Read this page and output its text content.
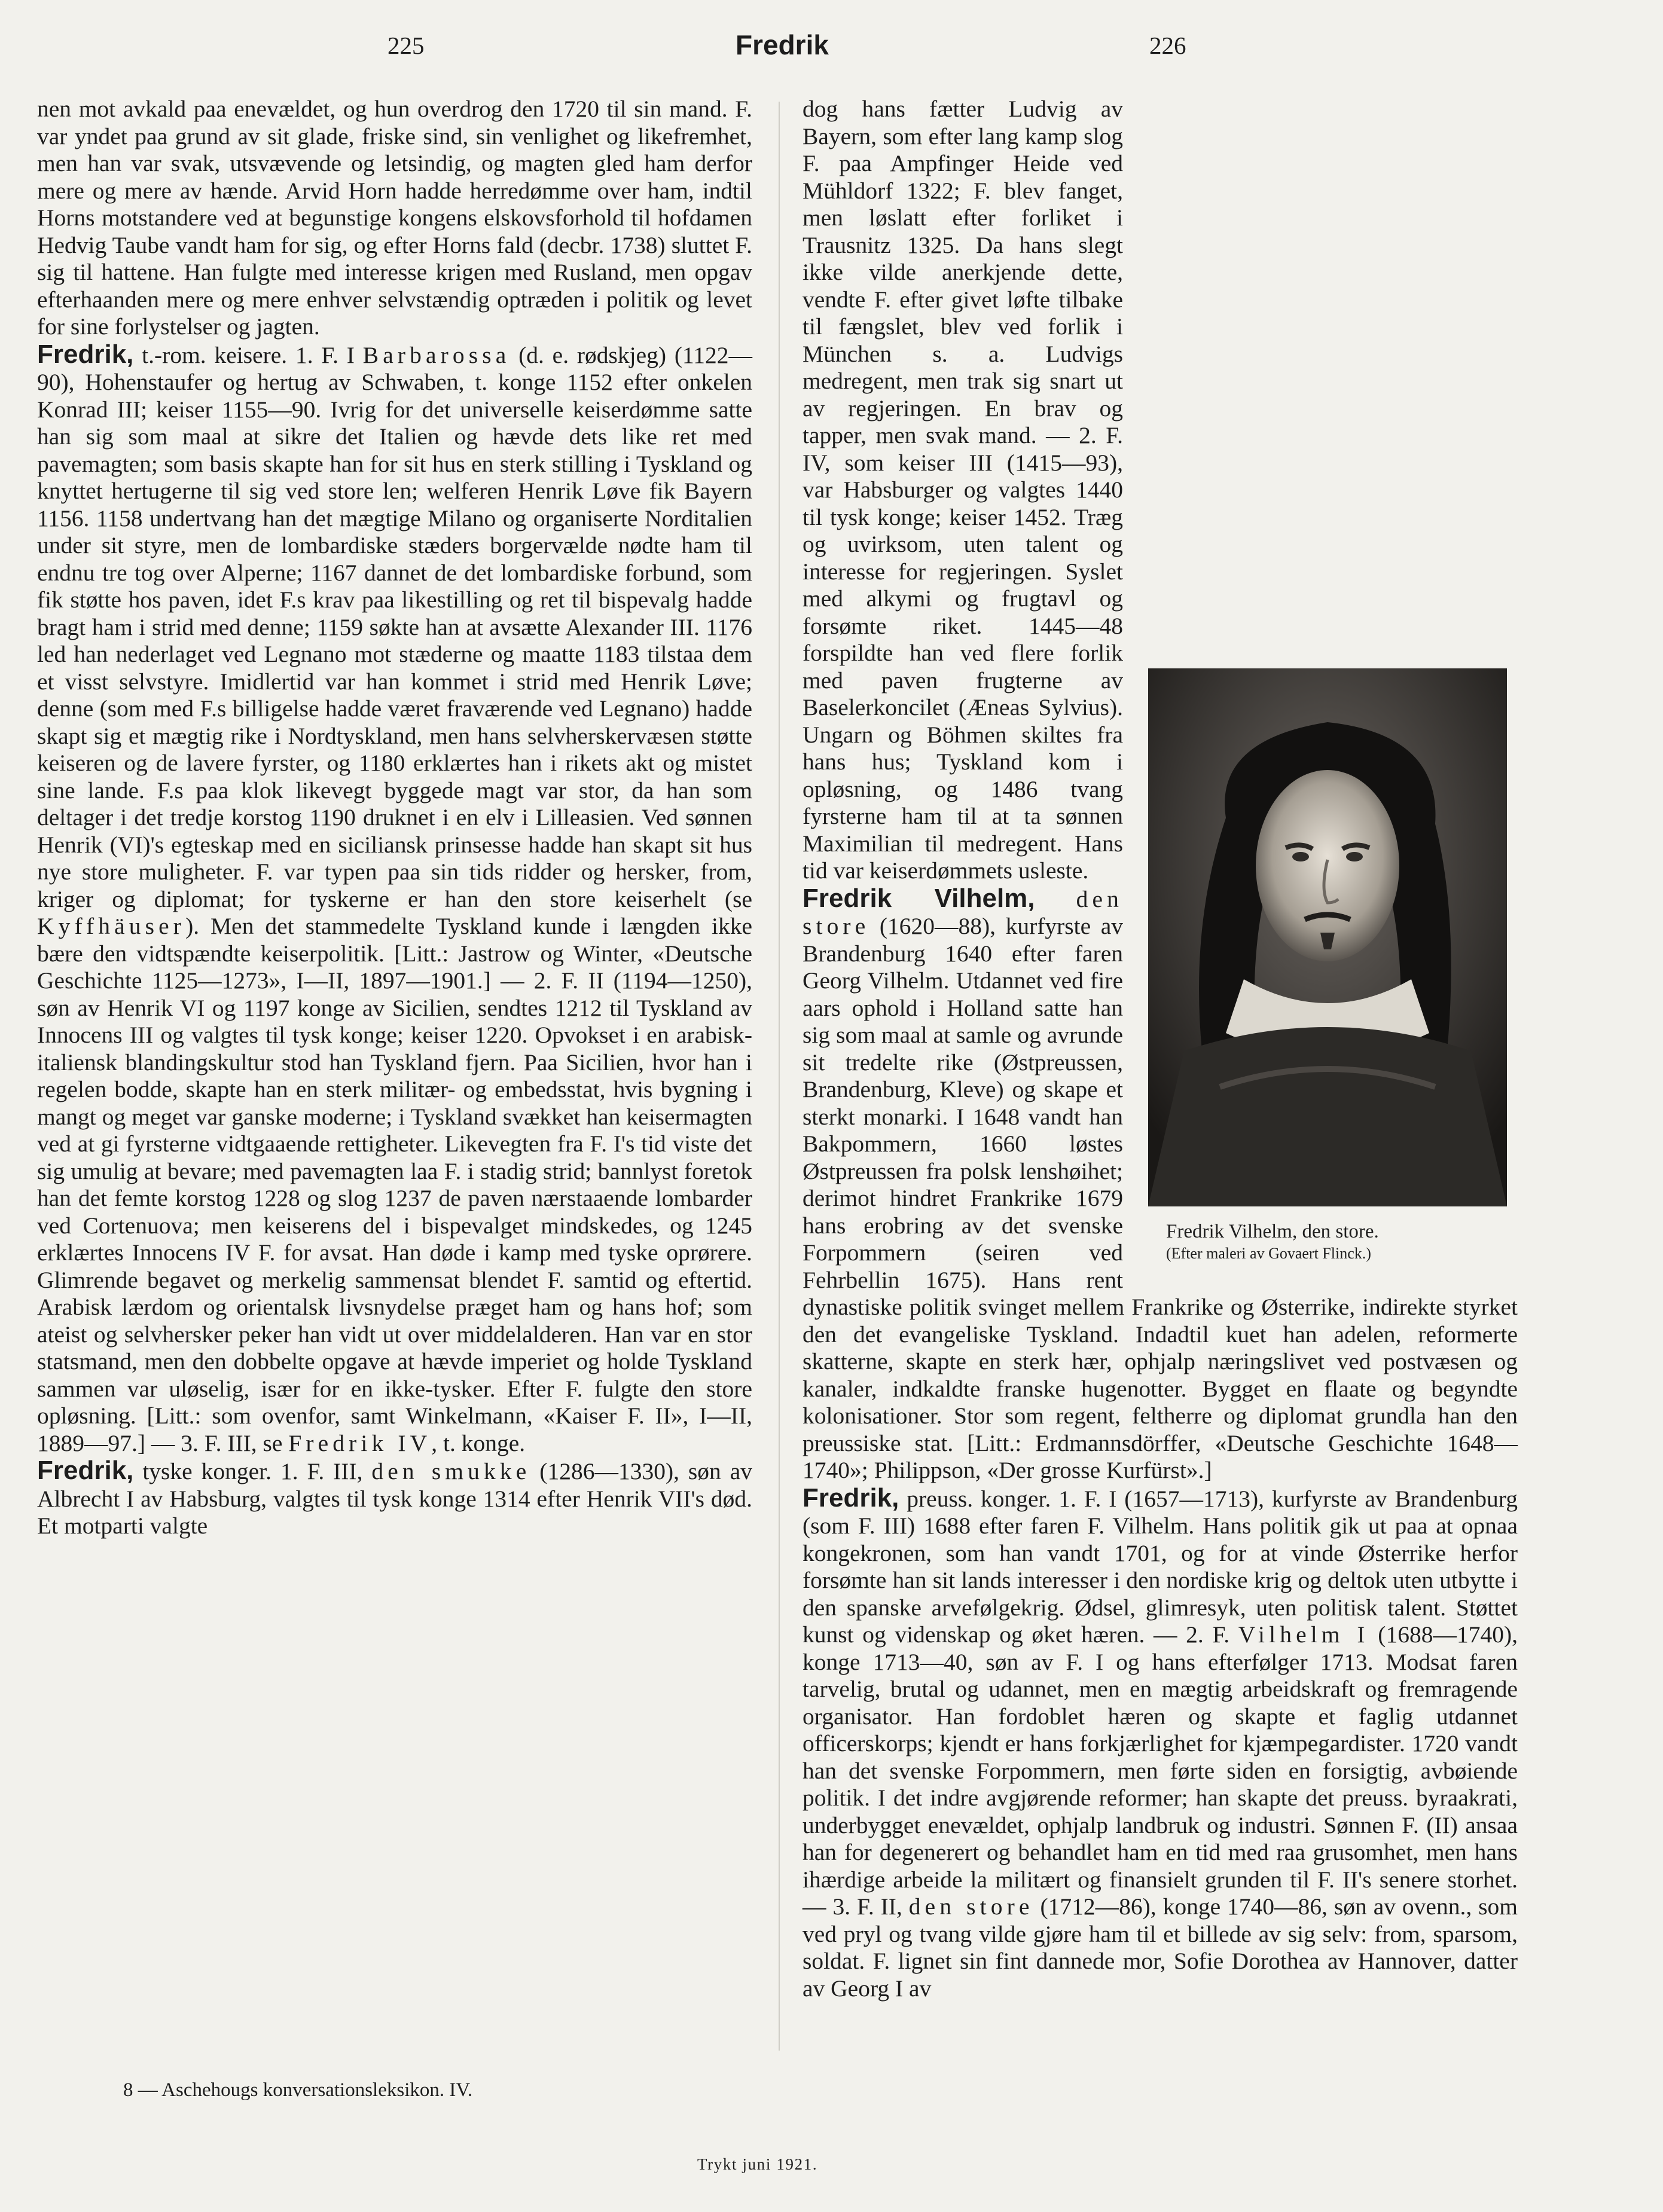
225	Fredrik	226

nen mot avkald paa enevældet, og hun overdrog den 1720 til sin mand. F. var yndet paa grund av sit glade, friske sind, sin venlighet og likefremhet, men han var svak, utsvævende og letsindig, og magten gled ham derfor mere og mere av hænde. Arvid Horn hadde herredømme over ham, indtil Horns motstandere ved at begunstige kongens elskovsforhold til hofdamen Hedvig Taube vandt ham for sig, og efter Horns fald (decbr. 1738) sluttet F. sig til hattene. Han fulgte med interesse krigen med Rusland, men opgav efterhaanden mere og mere enhver selvstændig optræden i politik og levet for sine forlystelser og jagten.

Fredrik, t.-rom. keisere. 1. F. I Barbarossa (d. e. rødskjeg) (1122—90), Hohenstaufer og hertug av Schwaben, t. konge 1152 efter onkelen Konrad III; keiser 1155—90. Ivrig for det universelle keiserdømme satte han sig som maal at sikre det Italien og hævde dets like ret med pavemagten; som basis skapte han for sit hus en sterk stilling i Tyskland og knyttet hertugerne til sig ved store len; welferen Henrik Løve fik Bayern 1156. 1158 undertvang han det mægtige Milano og organiserte Norditalien under sit styre, men de lombardiske stæders borgervælde nødte ham til endnu tre tog over Alperne; 1167 dannet de det lombardiske forbund, som fik støtte hos paven, idet F.s krav paa likestilling og ret til bispevalg hadde bragt ham i strid med denne; 1159 søkte han at avsætte Alexander III. 1176 led han nederlaget ved Legnano mot stæderne og maatte 1183 tilstaa dem et visst selvstyre. Imidlertid var han kommet i strid med Henrik Løve; denne (som med F.s billigelse hadde været fraværende ved Legnano) hadde skapt sig et mægtig rike i Nordtyskland, men hans selvherskervæsen støtte keiseren og de lavere fyrster, og 1180 erklærtes han i rikets akt og mistet sine lande. F.s paa klok likevegt byggede magt var stor, da han som deltager i det tredje korstog 1190 druknet i en elv i Lilleasien. Ved sønnen Henrik (VI)'s egteskap med en siciliansk prinsesse hadde han skapt sit hus nye store muligheter. F. var typen paa sin tids ridder og hersker, from, kriger og diplomat; for tyskerne er han den store keiserhelt (se Kyffhäuser). Men det stammedelte Tyskland kunde i længden ikke bære den vidtspændte keiserpolitik. [Litt.: Jastrow og Winter, «Deutsche Geschichte 1125—1273», I—II, 1897—1901.] — 2. F. II (1194—1250), søn av Henrik VI og 1197 konge av Sicilien, sendtes 1212 til Tyskland av Innocens III og valgtes til tysk konge; keiser 1220. Opvokset i en arabisk-italiensk blandingskultur stod han Tyskland fjern. Paa Sicilien, hvor han i regelen bodde, skapte han en sterk militær- og embedsstat, hvis bygning i mangt og meget var ganske moderne; i Tyskland svækket han keisermagten ved at gi fyrsterne vidtgaaende rettigheter. Likevegten fra F. I's tid viste det sig umulig at bevare; med pavemagten laa F. i stadig strid; bannlyst foretok han det femte korstog 1228 og slog 1237 de paven nærstaaende lombarder ved Cortenuova; men keiserens del i bispevalget mindskedes, og 1245 erklærtes Innocens IV F. for avsat. Han døde i kamp med tyske oprørere. Glimrende begavet og merkelig sammensat blendet F. samtid og eftertid. Arabisk lærdom og orientalsk livsnydelse præget ham og hans hof; som ateist og selvhersker peker han vidt ut over middelalderen. Han var en stor statsmand, men den dobbelte opgave at hævde imperiet og holde Tyskland sammen var uløselig, især for en ikke-tysker. Efter F. fulgte den store opløsning. [Litt.: som ovenfor, samt Winkelmann, «Kaiser F. II», I—II, 1889—97.] — 3. F. III, se Fredrik IV, t. konge.

Fredrik, tyske konger. 1. F. III, den smukke (1286—1330), søn av Albrecht I av Habsburg, valgtes til tysk konge 1314 efter Henrik VII's død. Et motparti valgte

dog hans fætter Ludvig av Bayern, som efter lang kamp slog F. paa Ampfinger Heide ved Mühldorf 1322; F. blev fanget, men løslatt efter forliket i Trausnitz 1325. Da hans slegt ikke vilde anerkjende dette, vendte F. efter givet løfte tilbake til fængslet, blev ved forlik i München s. a. Ludvigs medregent, men trak sig snart ut av regjeringen. En brav og tapper, men svak mand. — 2. F. IV, som keiser III (1415—93), var Habsburger og valgtes 1440 til tysk konge; keiser 1452. Træg og uvirksom, uten talent og interesse for regjeringen. Syslet med alkymi og frugtavl og forsømte riket. 1445—48 forspildte han ved flere forlik med paven frugterne av Baselerkoncilet (Æneas Sylvius). Ungarn og Böhmen skiltes fra hans hus; Tyskland kom i opløsning, og 1486 tvang fyrsterne ham til at ta sønnen Maximilian til medregent. Hans tid var keiserdømmets usleste.

Fredrik Vilhelm, den store (1620—88), kurfyrste av Brandenburg 1640 efter faren Georg Vilhelm. Utdannet ved fire aars ophold i Holland satte han sig som maal at samle og avrunde sit tredelte rike (Østpreussen, Brandenburg, Kleve) og skape et sterkt monarki. I 1648 vandt han Bakpommern, 1660 løstes Østpreussen fra polsk lenshøihet; derimot hindret Frankrike 1679 hans erobring av det svenske Forpommern (seiren ved Fehrbellin 1675). Hans rent dynastiske politik svinget mellem Frankrike og Østerrike, indirekte styrket den det evangeliske Tyskland. Indadtil kuet han adelen, reformerte skatterne, skapte en sterk hær, ophjalp næringslivet ved postvæsen og kanaler, indkaldte franske hugenotter. Bygget en flaate og begyndte kolonisationer. Stor som regent, feltherre og diplomat grundla han den preussiske stat. [Litt.: Erdmannsdörffer, «Deutsche Geschichte 1648—1740»; Philippson, «Der grosse Kurfürst».]

Fredrik, preuss. konger. 1. F. I (1657—1713), kurfyrste av Brandenburg (som F. III) 1688 efter faren F. Vilhelm. Hans politik gik ut paa at opnaa kongekronen, som han vandt 1701, og for at vinde Østerrike herfor forsømte han sit lands interesser i den nordiske krig og deltok uten utbytte i den spanske arvefølgekrig. Ødsel, glimresyk, uten politisk talent. Støttet kunst og videnskap og øket hæren. — 2. F. Vilhelm I (1688—1740), konge 1713—40, søn av F. I og hans efterfølger 1713. Modsat faren tarvelig, brutal og udannet, men en mægtig arbeidskraft og fremragende organisator. Han fordoblet hæren og skapte et faglig utdannet officerskorps; kjendt er hans forkjærlighet for kjæmpegardister. 1720 vandt han det svenske Forpommern, men førte siden en forsigtig, avbøiende politik. I det indre avgjørende reformer; han skapte det preuss. byraakrati, underbygget enevældet, ophjalp landbruk og industri. Sønnen F. (II) ansaa han for degenerert og behandlet ham en tid med raa grusomhet, men hans ihærdige arbeide la militært og finansielt grunden til F. II's senere storhet. — 3. F. II, den store (1712—86), konge 1740—86, søn av ovenn., som ved pryl og tvang vilde gjøre ham til et billede av sig selv: from, sparsom, soldat. F. lignet sin fint dannede mor, Sofie Dorothea av Hannover, datter av Georg I av

Fredrik Vilhelm, den store.
(Efter maleri av Govaert Flinck.)
8 — Aschehougs konversationsleksikon. IV.
Trykt juni 1921.
